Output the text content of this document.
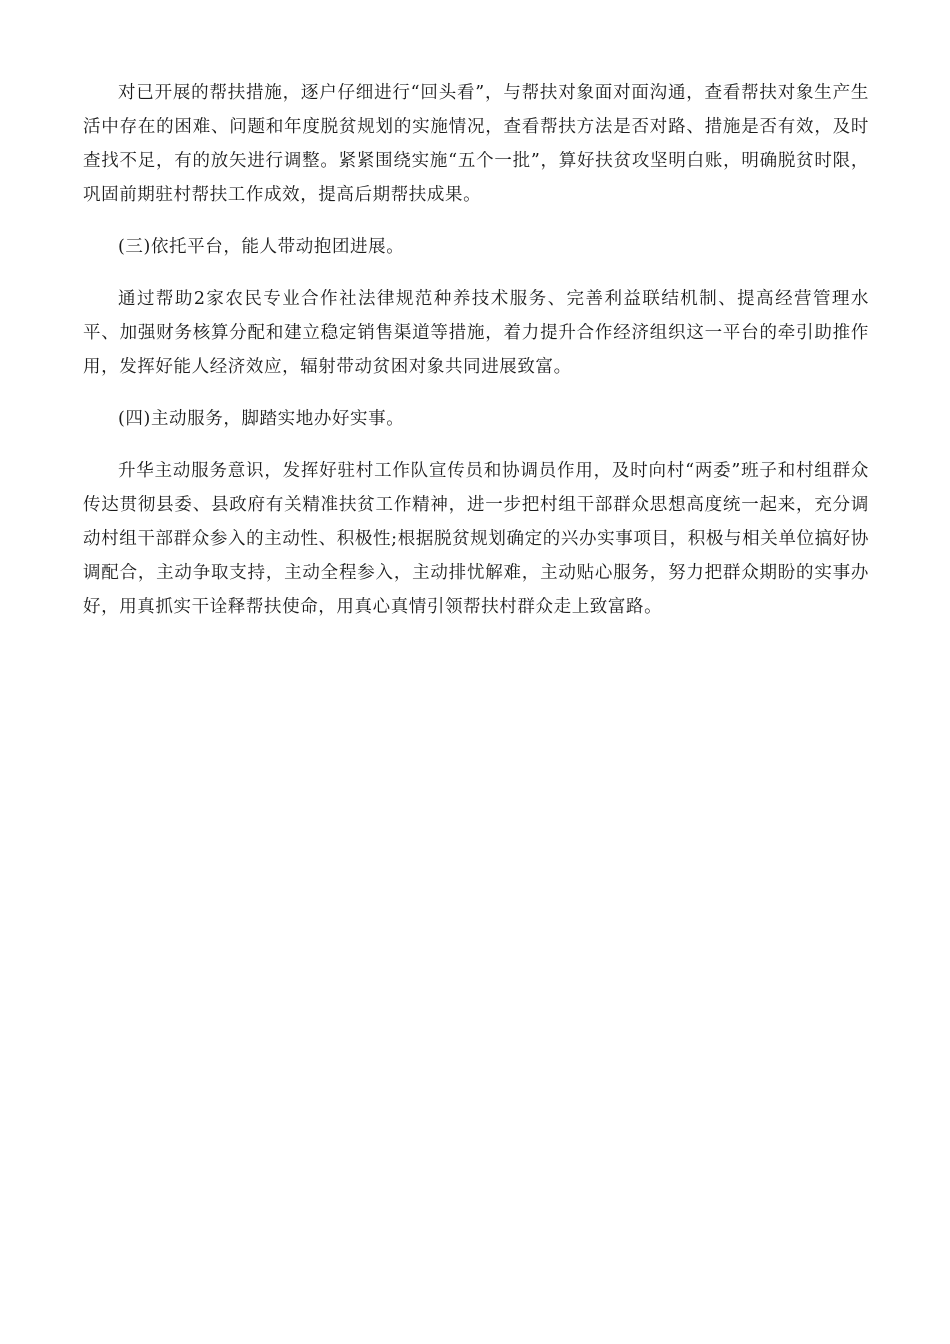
对已开展的帮扶措施，逐户仔细进行“回头看”，与帮扶对象面对面沟通，查看帮扶对象生产生活中存在的困难、问题和年度脱贫规划的实施情况，查看帮扶方法是否对路、措施是否有效，及时查找不足，有的放矢进行调整。紧紧围绕实施“五个一批”，算好扶贫攻坚明白账，明确脱贫时限，巩固前期驻村帮扶工作成效，提高后期帮扶成果。

(三)依托平台，能人带动抱团进展。

通过帮助2家农民专业合作社法律规范种养技术服务、完善利益联结机制、提高经营管理水平、加强财务核算分配和建立稳定销售渠道等措施，着力提升合作经济组织这一平台的牵引助推作用，发挥好能人经济效应，辐射带动贫困对象共同进展致富。

(四)主动服务，脚踏实地办好实事。

升华主动服务意识，发挥好驻村工作队宣传员和协调员作用，及时向村“两委”班子和村组群众传达贯彻县委、县政府有关精准扶贫工作精神，进一步把村组干部群众思想高度统一起来，充分调动村组干部群众参入的主动性、积极性;根据脱贫规划确定的兴办实事项目，积极与相关单位搞好协调配合，主动争取支持，主动全程参入，主动排忧解难，主动贴心服务，努力把群众期盼的实事办好，用真抓实干诠释帮扶使命，用真心真情引领帮扶村群众走上致富路。
